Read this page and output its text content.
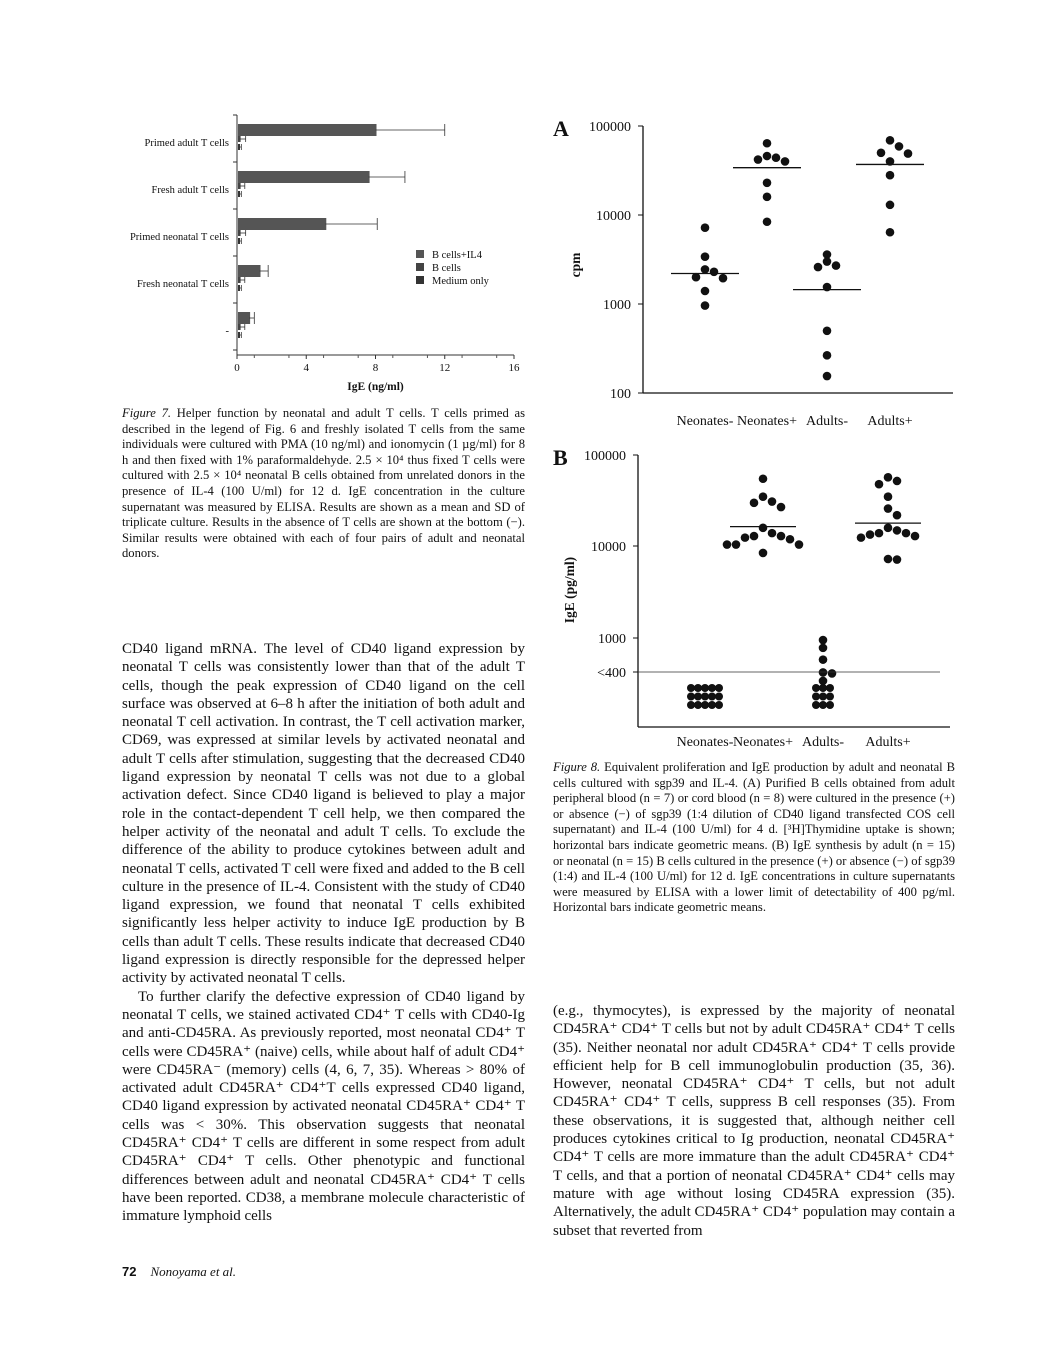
0	4	8	12	16
IgE (ng/ml)
Primed adult T cells
Fresh adult T cells
Primed neonatal T cells
Fresh neonatal T cells
-
B cells+IL4
B cells
Medium only
A 100000
10000
1000
100
cpm
Neonates- Neonates+ Adults- Adults+
B 100000
10000
1000
<400
IgE (pg/ml)
Neonates- Neonates+ Adults- Adults+
Figure 7. Helper function by neonatal and adult T cells. T cells primed as described in the legend of Fig. 6 and freshly isolated T cells from the same individuals were cultured with PMA (10 ng/ml) and ionomycin (1 µg/ml) for 8 h and then fixed with 1% paraformaldehyde. 2.5 × 10⁴ thus fixed T cells were cultured with 2.5 × 10⁴ neonatal B cells obtained from unrelated donors in the presence of IL-4 (100 U/ml) for 12 d. IgE concentration in the culture supernatant was measured by ELISA. Results are shown as a mean and SD of triplicate culture. Results in the absence of T cells are shown at the bottom (−). Similar results were obtained with each of four pairs of adult and neonatal donors.
Figure 8. Equivalent proliferation and IgE production by adult and neonatal B cells cultured with sgp39 and IL-4. (A) Purified B cells obtained from adult peripheral blood (n = 7) or cord blood (n = 8) were cultured in the presence (+) or absence (−) of sgp39 (1:4 dilution of CD40 ligand transfected COS cell supernatant) and IL-4 (100 U/ml) for 4 d. [³H]Thymidine uptake is shown; horizontal bars indicate geometric means. (B) IgE synthesis by adult (n = 15) or neonatal (n = 15) B cells cultured in the presence (+) or absence (−) of sgp39 (1:4) and IL-4 (100 U/ml) for 12 d. IgE concentrations in culture supernatants were measured by ELISA with a lower limit of detectability of 400 pg/ml. Horizontal bars indicate geometric means.

CD40 ligand mRNA. The level of CD40 ligand expression by neonatal T cells was consistently lower than that of the adult T cells, though the peak expression of CD40 ligand on the cell surface was observed at 6–8 h after the initiation of both adult and neonatal T cell activation. In contrast, the T cell activation marker, CD69, was expressed at similar levels by activated neonatal and adult T cells after stimulation, suggesting that the decreased CD40 ligand expression by neonatal T cells was not due to a global activation defect. Since CD40 ligand is believed to play a major role in the contact-dependent T cell help, we then compared the helper activity of the neonatal and adult T cells. To exclude the difference of the ability to produce cytokines between adult and neonatal T cells, activated T cell were fixed and added to the B cell culture in the presence of IL-4. Consistent with the study of CD40 ligand expression, we found that neonatal T cells exhibited significantly less helper activity to induce IgE production by B cells than adult T cells. These results indicate that decreased CD40 ligand expression is directly responsible for the depressed helper activity by activated neonatal T cells.

To further clarify the defective expression of CD40 ligand by neonatal T cells, we stained activated CD4⁺ T cells with CD40-Ig and anti-CD45RA. As previously reported, most neonatal CD4⁺ T cells were CD45RA⁺ (naive) cells, while about half of adult CD4⁺ were CD45RA⁻ (memory) cells (4, 6, 7, 35). Whereas > 80% of activated adult CD45RA⁺ CD4⁺T cells expressed CD40 ligand, CD40 ligand expression by activated neonatal CD45RA⁺ CD4⁺ T cells was < 30%. This observation suggests that neonatal CD45RA⁺ CD4⁺ T cells are different in some respect from adult CD45RA⁺ CD4⁺ T cells. Other phenotypic and functional differences between adult and neonatal CD45RA⁺ CD4⁺ T cells have been reported. CD38, a membrane molecule characteristic of immature lymphoid cells

(e.g., thymocytes), is expressed by the majority of neonatal CD45RA⁺ CD4⁺ T cells but not by adult CD45RA⁺ CD4⁺ T cells (35). Neither neonatal nor adult CD45RA⁺ CD4⁺ T cells provide efficient help for B cell immunoglobulin production (35, 36). However, neonatal CD45RA⁺ CD4⁺ T cells, but not adult CD45RA⁺ CD4⁺ T cells, suppress B cell responses (35). From these observations, it is suggested that, although neither cell produces cytokines critical to Ig production, neonatal CD45RA⁺ CD4⁺ T cells are more immature than the adult CD45RA⁺ CD4⁺ T cells, and that a portion of neonatal CD45RA⁺ CD4⁺ cells may mature with age without losing CD45RA expression (35). Alternatively, the adult CD45RA⁺ CD4⁺ population may contain a subset that reverted from

72 Nonoyama et al.
